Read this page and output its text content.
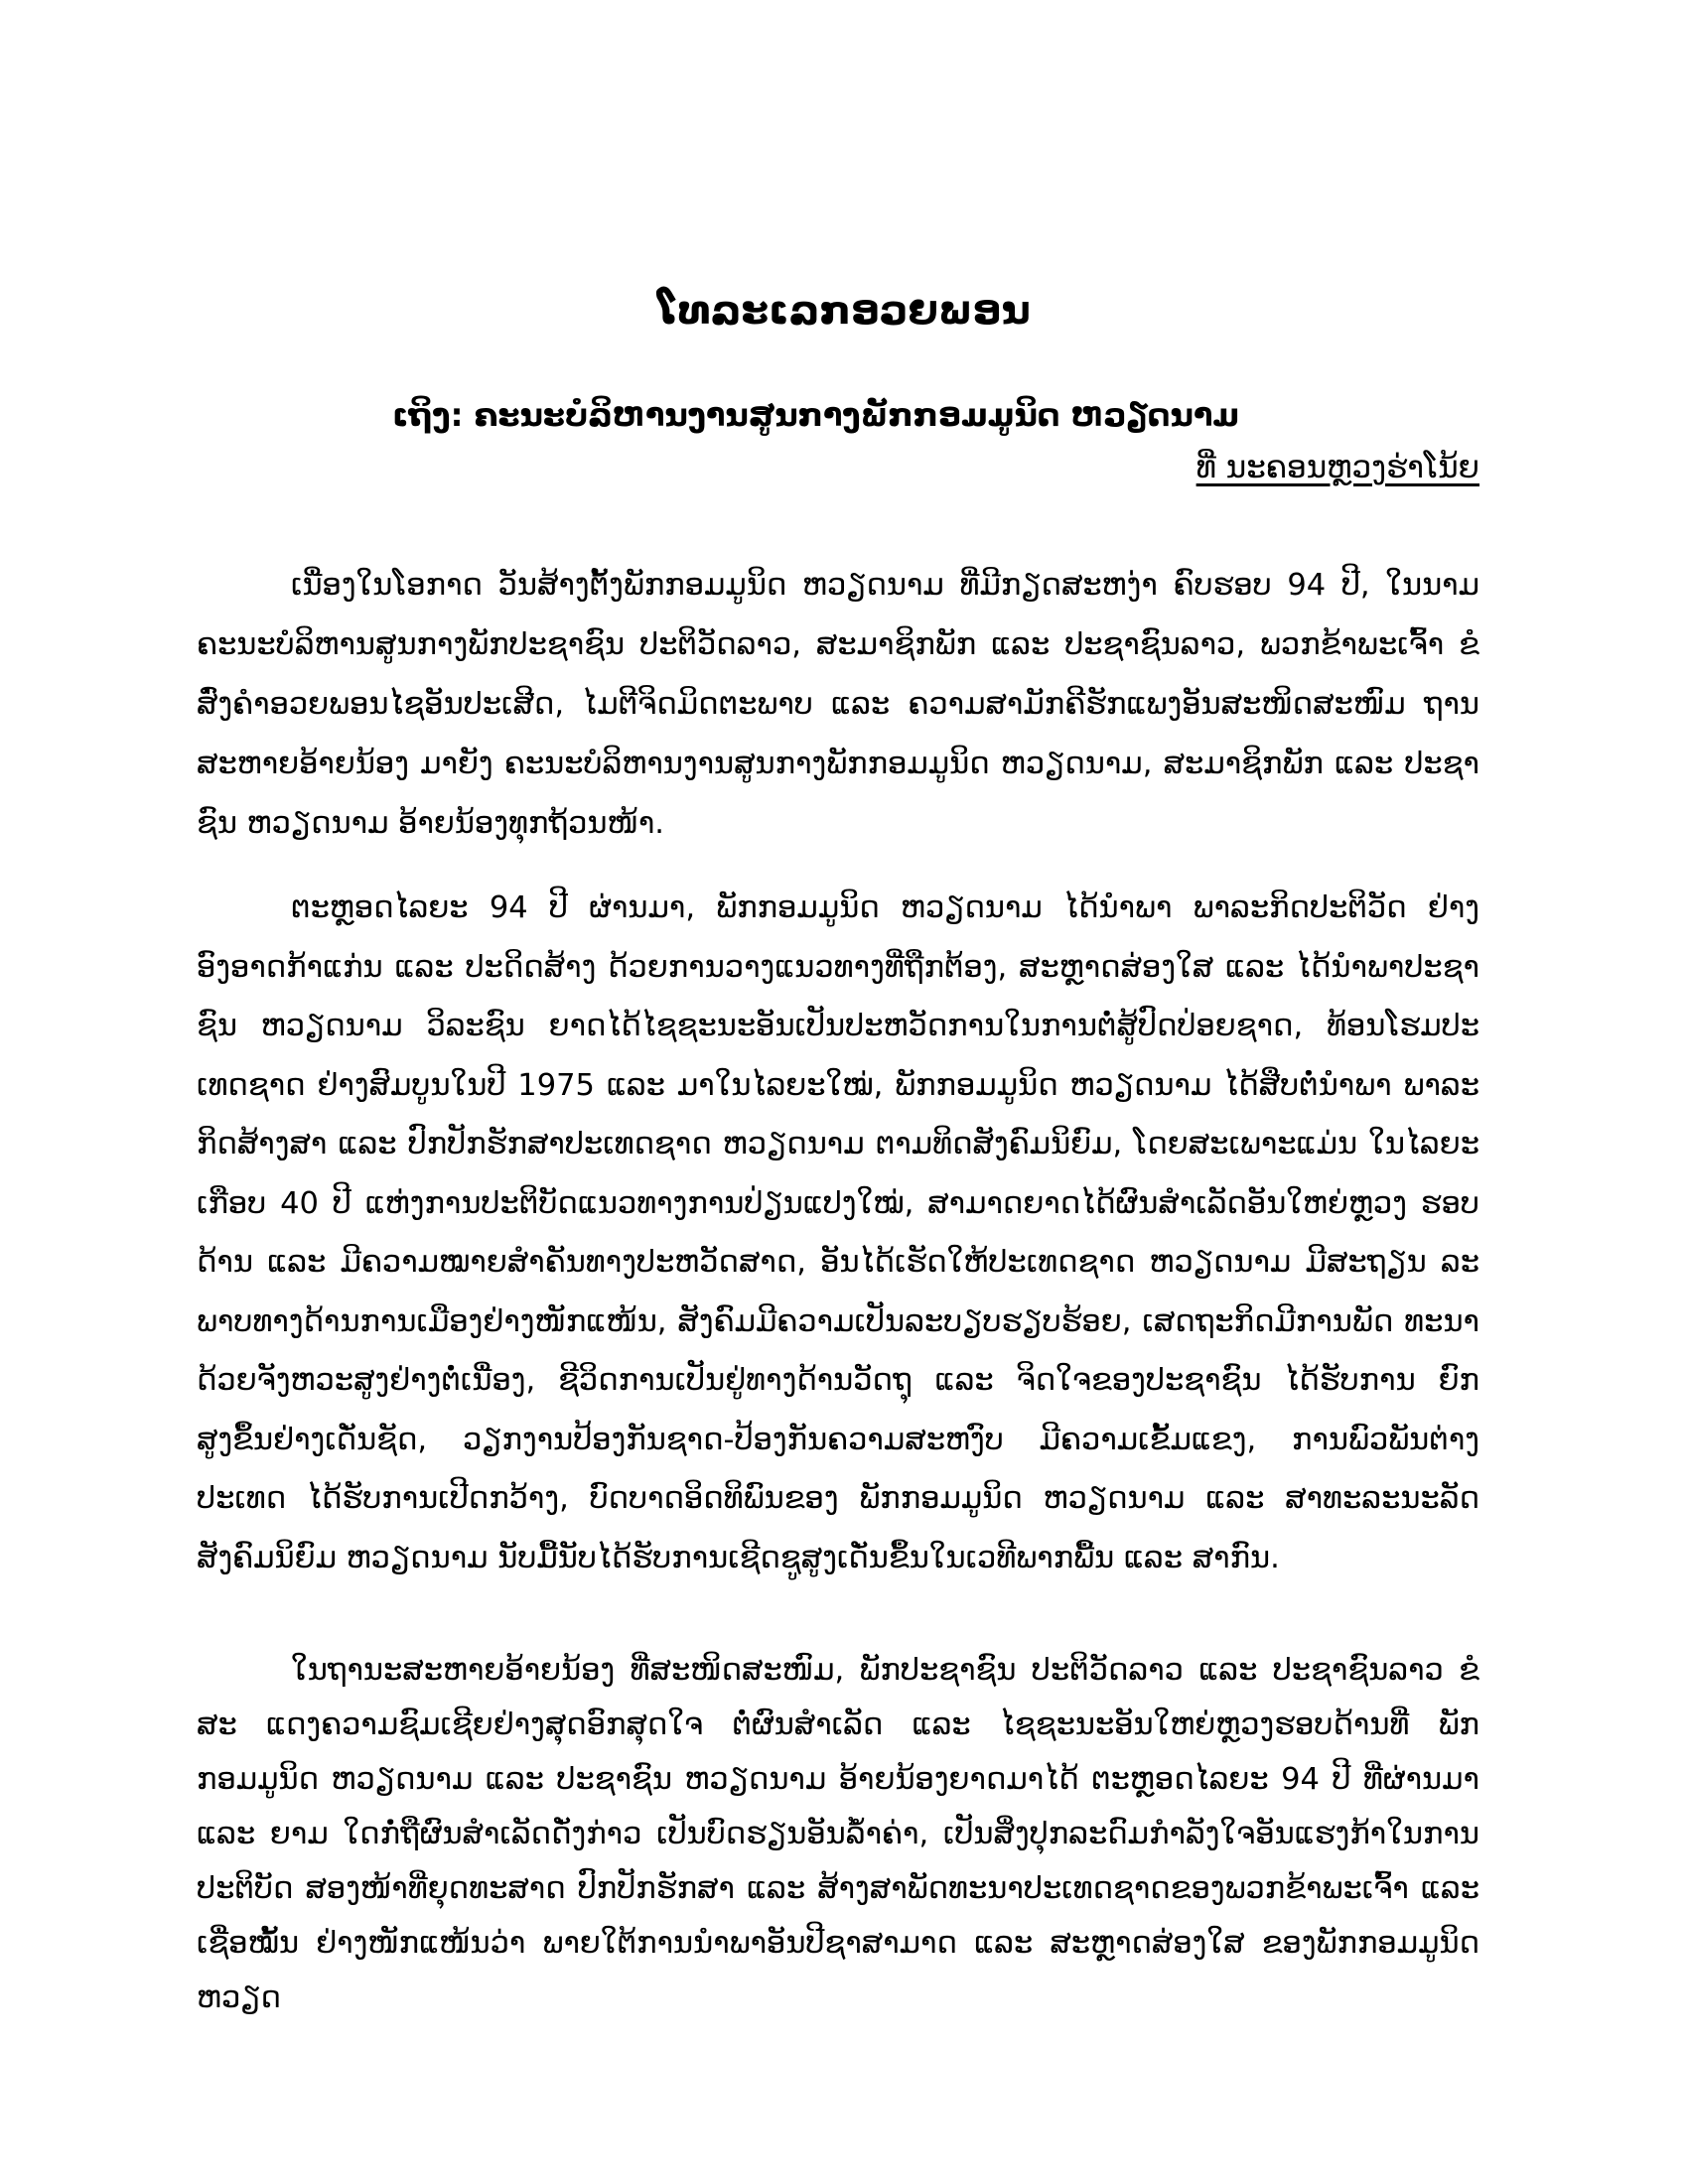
ໂທລະເລກອວຍພອນ

ເຖິງ: ຄະນະບໍລິຫານງານສູນກາງພັກກອມມູນິດ ຫວຽດນາມ

ທີ່ ນະຄອນຫຼວງຮ່າໂນ້ຍ

ເນື່ອງໃນໂອກາດ ວັນສ້າງຕັ້ງພັກກອມມູນິດ ຫວຽດນາມ ທີ່ມີກຽດສະຫງ່າ ຄົບຮອບ 94 ປີ, ໃນນາມ ຄະນະບໍລິຫານສູນກາງພັກປະຊາຊົນ ປະຕິວັດລາວ, ສະມາຊິກພັກ ແລະ ປະຊາຊົນລາວ, ພວກຂ້າພະເຈົ້າ ຂໍ ສົ່ງຄໍາອວຍພອນໄຊອັນປະເສີດ, ໄມຕີຈິດມິດຕະພາບ ແລະ ຄວາມສາມັກຄີຮັກແພງອັນສະໜິດສະໜົມ ຖານ ສະຫາຍອ້າຍນ້ອງ ມາຍັງ ຄະນະບໍລິຫານງານສູນກາງພັກກອມມູນິດ ຫວຽດນາມ, ສະມາຊິກພັກ ແລະ ປະຊາ ຊົນ ຫວຽດນາມ ອ້າຍນ້ອງທຸກຖ້ວນໜ້າ.

ຕະຫຼອດໄລຍະ 94 ປີ ຜ່ານມາ, ພັກກອມມູນິດ ຫວຽດນາມ ໄດ້ນໍາພາ ພາລະກິດປະຕິວັດ ຢ່າງ ອົງອາດກ້າແກ່ນ ແລະ ປະດິດສ້າງ ດ້ວຍການວາງແນວທາງທີ່ຖືກຕ້ອງ, ສະຫຼາດສ່ອງໃສ ແລະ ໄດ້ນໍາພາປະຊາ ຊົນ ຫວຽດນາມ ວິລະຊົນ ຍາດໄດ້ໄຊຊະນະອັນເປັນປະຫວັດການໃນການຕໍ່ສູ້ປົດປ່ອຍຊາດ, ທ້ອນໂຮມປະ ເທດຊາດ ຢ່າງສົມບູນໃນປີ 1975 ແລະ ມາໃນໄລຍະໃໝ່, ພັກກອມມູນິດ ຫວຽດນາມ ໄດ້ສືບຕໍ່ນໍາພາ ພາລະ ກິດສ້າງສາ ແລະ ປົກປັກຮັກສາປະເທດຊາດ ຫວຽດນາມ ຕາມທິດສັງຄົມນິຍົມ, ໂດຍສະເພາະແມ່ນ ໃນໄລຍະ ເກືອບ 40 ປີ ແຫ່ງການປະຕິບັດແນວທາງການປ່ຽນແປງໃໝ່, ສາມາດຍາດໄດ້ຜົນສໍາເລັດອັນໃຫຍ່ຫຼວງ ຮອບດ້ານ ແລະ ມີຄວາມໝາຍສໍາຄັນທາງປະຫວັດສາດ, ອັນໄດ້ເຮັດໃຫ້ປະເທດຊາດ ຫວຽດນາມ ມີສະຖຽນ ລະພາບທາງດ້ານການເມືອງຢ່າງໜັກແໜ້ນ, ສັງຄົມມີຄວາມເປັນລະບຽບຮຽບຮ້ອຍ, ເສດຖະກິດມີການພັດ ທະນາດ້ວຍຈັງຫວະສູງຢ່າງຕໍ່ເນື່ອງ, ຊີວິດການເປັນຢູ່ທາງດ້ານວັດຖຸ ແລະ ຈິດໃຈຂອງປະຊາຊົນ ໄດ້ຮັບການ ຍົກສູງຂຶ້ນຢ່າງເດັ່ນຊັດ, ວຽກງານປ້ອງກັນຊາດ-ປ້ອງກັນຄວາມສະຫງົບ ມີຄວາມເຂັ້ມແຂງ, ການພົວພັນຕ່າງ ປະເທດ ໄດ້ຮັບການເປີດກວ້າງ, ບົດບາດອິດທິພົນຂອງ ພັກກອມມູນິດ ຫວຽດນາມ ແລະ ສາທະລະນະລັດ ສັງຄົມນິຍົມ ຫວຽດນາມ ນັບມື້ນັບໄດ້ຮັບການເຊີດຊູສູງເດັ່ນຂຶ້ນໃນເວທີພາກພື້ນ ແລະ ສາກົນ.

ໃນຖານະສະຫາຍອ້າຍນ້ອງ ທີ່ສະໜິດສະໜົມ, ພັກປະຊາຊົນ ປະຕິວັດລາວ ແລະ ປະຊາຊົນລາວ ຂໍສະ ແດງຄວາມຊົມເຊີຍຢ່າງສຸດອົກສຸດໃຈ ຕໍ່ຜົນສໍາເລັດ ແລະ ໄຊຊະນະອັນໃຫຍ່ຫຼວງຮອບດ້ານທີ່ ພັກກອມມູນິດ ຫວຽດນາມ ແລະ ປະຊາຊົນ ຫວຽດນາມ ອ້າຍນ້ອງຍາດມາໄດ້ ຕະຫຼອດໄລຍະ 94 ປີ ທີ່ຜ່ານມາ ແລະ ຍາມ ໃດກໍ່ຖືຜົນສໍາເລັດດັ່ງກ່າວ ເປັນບົດຮຽນອັນລໍ້າຄ່າ, ເປັນສິ່ງປຸກລະດົມກໍາລັງໃຈອັນແຮງກ້າໃນການປະຕິບັດ ສອງໜ້າທີ່ຍຸດທະສາດ ປົກປັກຮັກສາ ແລະ ສ້າງສາພັດທະນາປະເທດຊາດຂອງພວກຂ້າພະເຈົ້າ ແລະ ເຊື່ອໝັ້ນ ຢ່າງໜັກແໜ້ນວ່າ ພາຍໃຕ້ການນໍາພາອັນປີຊາສາມາດ ແລະ ສະຫຼາດສ່ອງໃສ ຂອງພັກກອມມູນິດ ຫວຽດ
